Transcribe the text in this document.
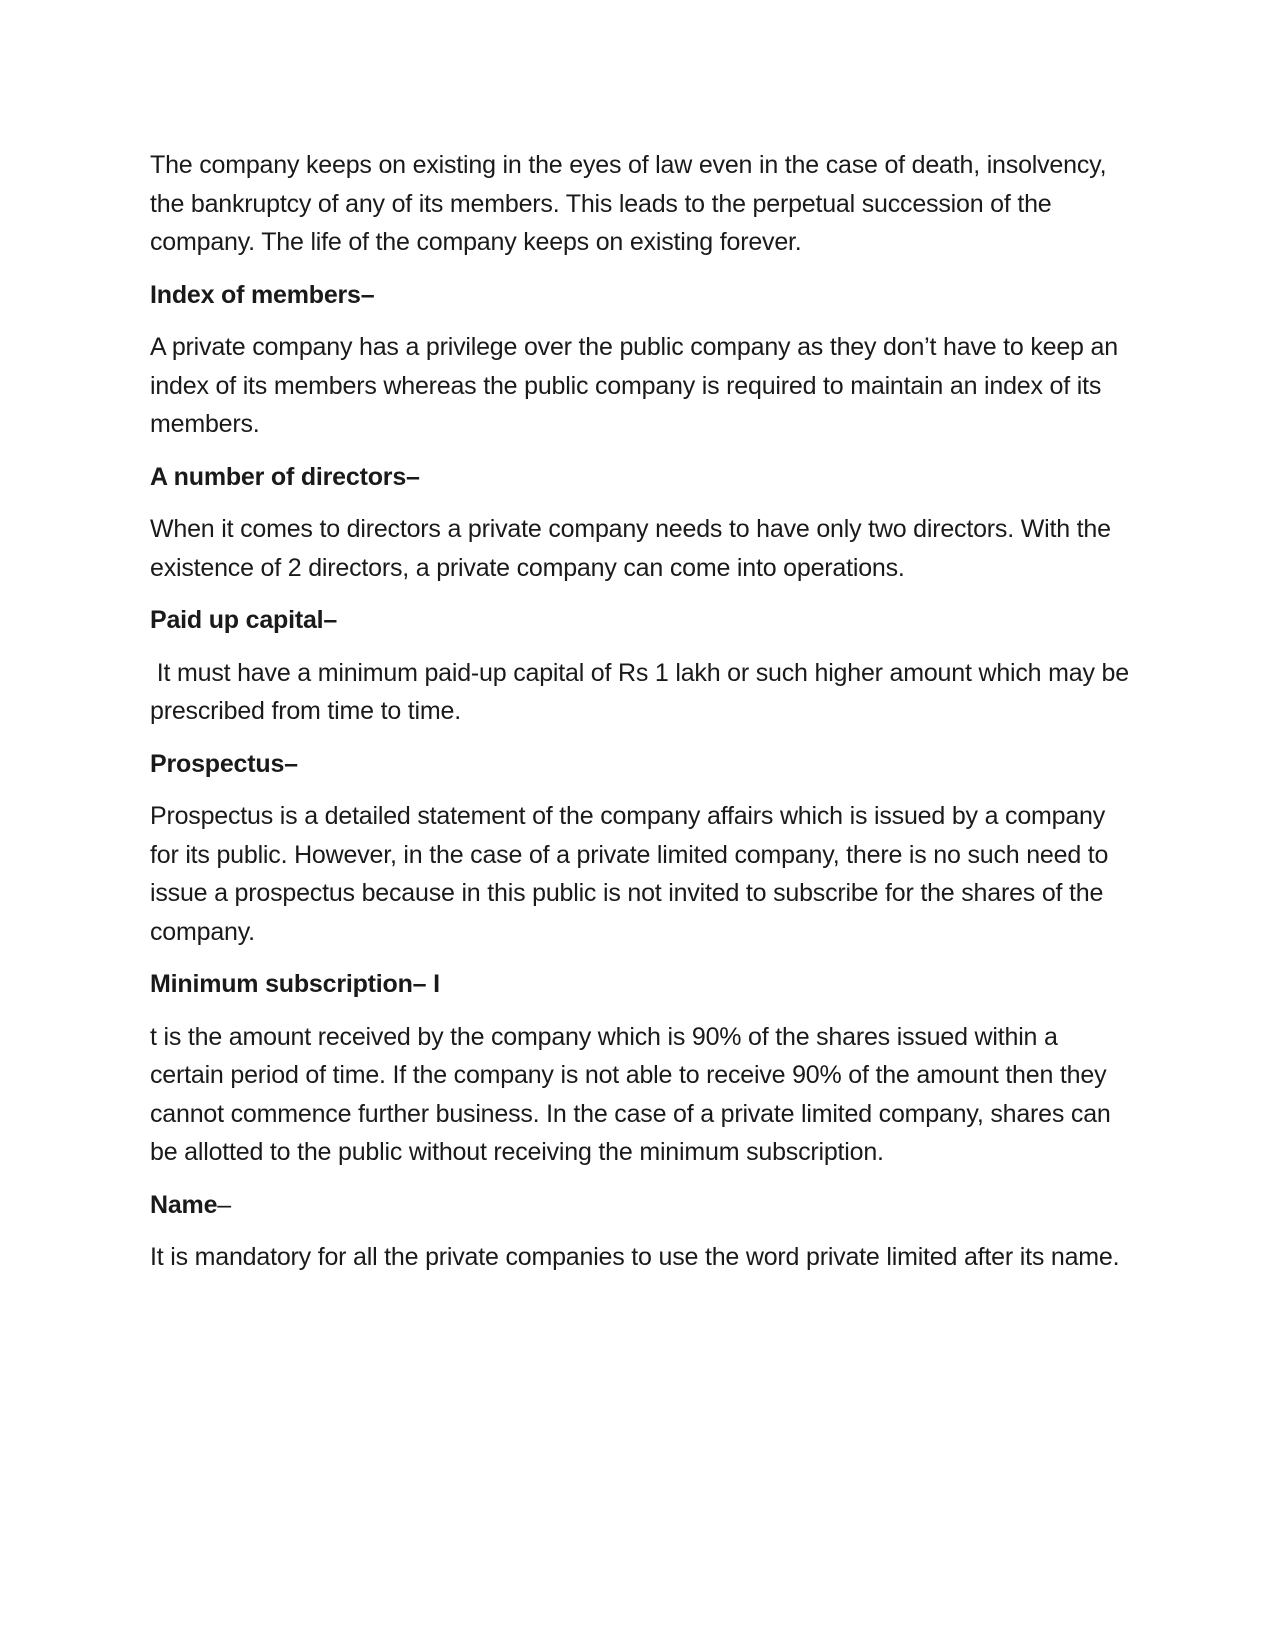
The company keeps on existing in the eyes of law even in the case of death, insolvency, the bankruptcy of any of its members. This leads to the perpetual succession of the company. The life of the company keeps on existing forever.

Index of members–

A private company has a privilege over the public company as they don’t have to keep an index of its members whereas the public company is required to maintain an index of its members.

A number of directors–

When it comes to directors a private company needs to have only two directors. With the existence of 2 directors, a private company can come into operations.

Paid up capital–

It must have a minimum paid-up capital of Rs 1 lakh or such higher amount which may be prescribed from time to time.

Prospectus–

Prospectus is a detailed statement of the company affairs which is issued by a company for its public. However, in the case of a private limited company, there is no such need to issue a prospectus because in this public is not invited to subscribe for the shares of the company.

Minimum subscription– I

t is the amount received by the company which is 90% of the shares issued within a certain period of time. If the company is not able to receive 90% of the amount then they cannot commence further business. In the case of a private limited company, shares can be allotted to the public without receiving the minimum subscription.

Name–

It is mandatory for all the private companies to use the word private limited after its name.
